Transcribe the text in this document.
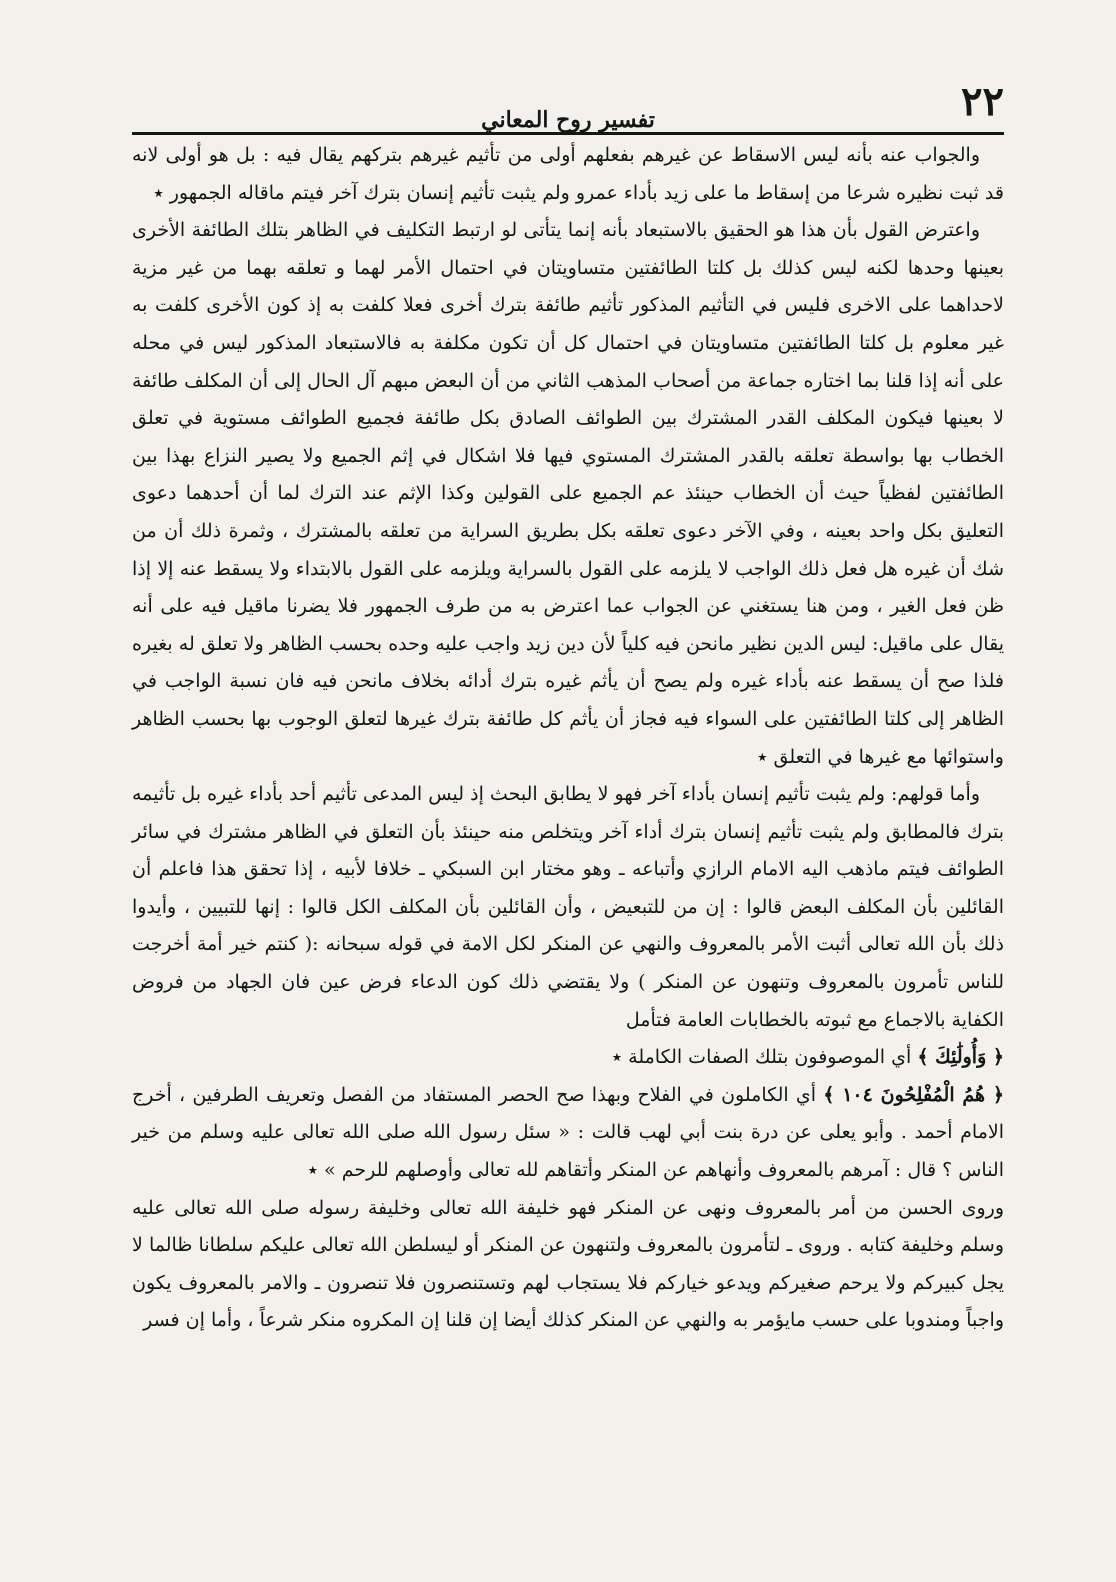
٢٢
تفسير روح المعاني

والجواب عنه بأنه ليس الاسقاط عن غيرهم بفعلهم أولى من تأثيم غيرهم بتركهم يقال فيه : بل هو أولى لانه قد ثبت نظيره شرعا من إسقاط ما على زيد بأداء عمرو ولم يثبت تأثيم إنسان بترك آخر فيتم ماقاله الجمهور ٭

واعترض القول بأن هذا هو الحقيق بالاستبعاد بأنه إنما يتأتى لو ارتبط التكليف في الظاهر بتلك الطائفة الأخرى بعينها وحدها لكنه ليس كذلك بل كلتا الطائفتين متساويتان في احتمال الأمر لهما و تعلقه بهما من غير مزية لاحداهما على الاخرى فليس في التأثيم المذكور تأثيم طائفة بترك أخرى فعلا كلفت به إذ كون الأخرى كلفت به غير معلوم بل كلتا الطائفتين متساويتان في احتمال كل أن تكون مكلفة به فالاستبعاد المذكور ليس في محله على أنه إذا قلنا بما اختاره جماعة من أصحاب المذهب الثاني من أن البعض مبهم آل الحال إلى أن المكلف طائفة لا بعينها فيكون المكلف القدر المشترك بين الطوائف الصادق بكل طائفة فجميع الطوائف مستوية في تعلق الخطاب بها بواسطة تعلقه بالقدر المشترك المستوي فيها فلا اشكال في إثم الجميع ولا يصير النزاع بهذا بين الطائفتين لفظياً حيث أن الخطاب حينئذ عم الجميع على القولين وكذا الإثم عند الترك لما أن أحدهما دعوى التعليق بكل واحد بعينه ، وفي الآخر دعوى تعلقه بكل بطريق السراية من تعلقه بالمشترك ، وثمرة ذلك أن من شك أن غيره هل فعل ذلك الواجب لا يلزمه على القول بالسراية ويلزمه على القول بالابتداء ولا يسقط عنه إلا إذا ظن فعل الغير ، ومن هنا يستغني عن الجواب عما اعترض به من طرف الجمهور فلا يضرنا ماقيل فيه على أنه يقال على ماقيل: ليس الدين نظير مانحن فيه كلياً لأن دين زيد واجب عليه وحده بحسب الظاهر ولا تعلق له بغيره فلذا صح أن يسقط عنه بأداء غيره ولم يصح أن يأثم غيره بترك أدائه بخلاف مانحن فيه فان نسبة الواجب في الظاهر إلى كلتا الطائفتين على السواء فيه فجاز أن يأثم كل طائفة بترك غيرها لتعلق الوجوب بها بحسب الظاهر واستوائها مع غيرها في التعلق ٭

وأما قولهم: ولم يثبت تأثيم إنسان بأداء آخر فهو لا يطابق البحث إذ ليس المدعى تأثيم أحد بأداء غيره بل تأثيمه بترك فالمطابق ولم يثبت تأثيم إنسان بترك أداء آخر ويتخلص منه حينئذ بأن التعلق في الظاهر مشترك في سائر الطوائف فيتم ماذهب اليه الامام الرازي وأتباعه ـ وهو مختار ابن السبكي ـ خلافا لأبيه ، إذا تحقق هذا فاعلم أن القائلين بأن المكلف البعض قالوا : إن من للتبعيض ، وأن القائلين بأن المكلف الكل قالوا : إنها للتبيين ، وأيدوا ذلك بأن الله تعالى أثبت الأمر بالمعروف والنهي عن المنكر لكل الامة في قوله سبحانه :( كنتم خير أمة أخرجت للناس تأمرون بالمعروف وتنهون عن المنكر ) ولا يقتضي ذلك كون الدعاء فرض عين فان الجهاد من فروض الكفاية بالاجماع مع ثبوته بالخطابات العامة فتأمل

﴿ وَأُولَٰئِكَ ﴾ أي الموصوفون بتلك الصفات الكاملة ٭

﴿ هُمُ الْمُفْلِحُونَ ١٠٤ ﴾ أي الكاملون في الفلاح وبهذا صح الحصر المستفاد من الفصل وتعريف الطرفين ، أخرج الامام أحمد . وأبو يعلى عن درة بنت أبي لهب قالت : « سئل رسول الله صلى الله تعالى عليه وسلم من خير الناس ؟ قال : آمرهم بالمعروف وأنهاهم عن المنكر وأتقاهم لله تعالى وأوصلهم للرحم » ٭

وروى الحسن من أمر بالمعروف ونهى عن المنكر فهو خليفة الله تعالى وخليفة رسوله صلى الله تعالى عليه وسلم وخليفة كتابه . وروى ـ لتأمرون بالمعروف ولتنهون عن المنكر أو ليسلطن الله تعالى عليكم سلطانا ظالما لا يجل كبيركم ولا يرحم صغيركم ويدعو خياركم فلا يستجاب لهم وتستنصرون فلا تنصرون ـ والامر بالمعروف يكون واجباً ومندوبا على حسب مايؤمر به والنهي عن المنكر كذلك أيضا إن قلنا إن المكروه منكر شرعاً ، وأما إن فسر
